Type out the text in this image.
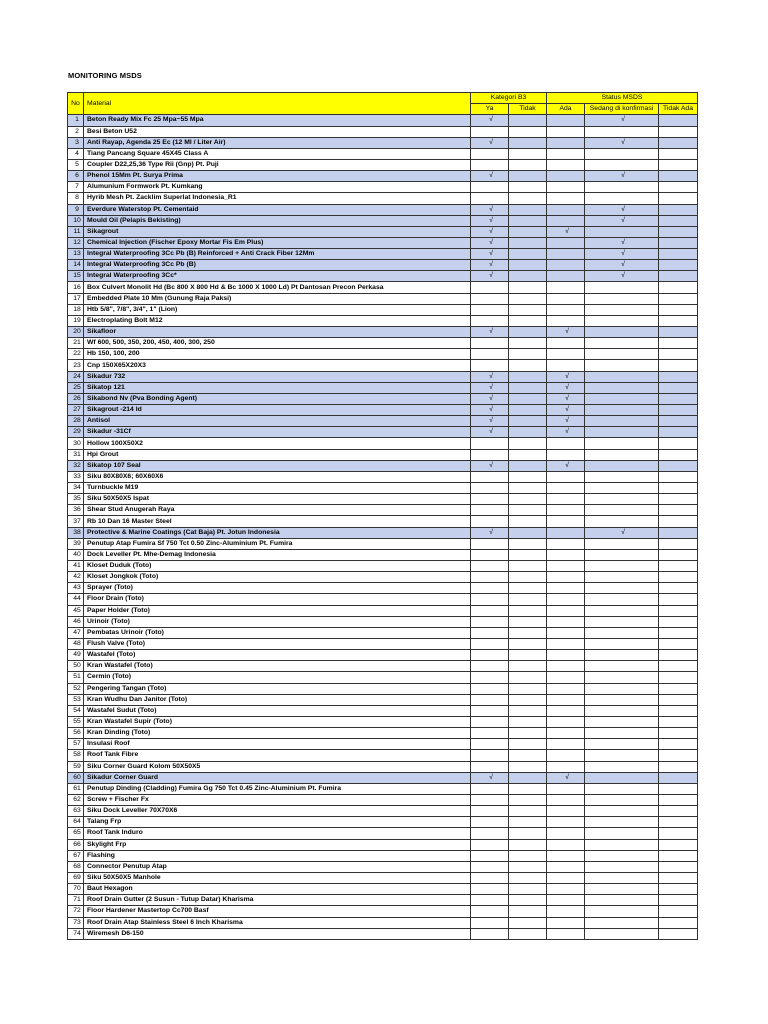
MONITORING MSDS
No	Material	Kategori B3		Status MSDS		
		Ya	Tidak	Ada	Sedang di konfirmasi	Tidak Ada
1	Beton Ready Mix Fc 25 Mpa~55 Mpa	√			√	
2	Besi Beton U52					
3	Anti Rayap, Agenda 25 Ec (12 Ml / Liter Air)	√			√	
4	Tiang Pancang Square 45X45 Class A					
5	Coupler D22,25,36 Type Rii (Gnp) Pt. Puji					
6	Phenol 15Mm Pt. Surya Prima	√			√	
7	Alumunium Formwork Pt. Kumkang					
8	Hyrib Mesh Pt. Zacklim Superlat Indonesia_R1					
9	Everdure Waterstop Pt. Cementaid	√			√	
10	Mould Oil (Pelapis Bekisting)	√			√	
11	Sikagrout	√		√		
12	Chemical Injection (Fischer Epoxy Mortar Fis Em Plus)	√			√	
13	Integral Waterproofing 3Cc Pb (B) Reinforced + Anti Crack Fiber 12Mm	√			√	
14	Integral Waterproofing 3Cc Pb (B)	√			√	
15	Integral Waterproofing 3Cc*	√			√	
16	Box Culvert Monolit Hd (Bc 800 X 800 Hd & Bc 1000 X 1000 Ld) Pt Dantosan Precon Perkasa					
17	Embedded Plate 10 Mm (Gunung Raja Paksi)					
18	Htb 5/8", 7/8", 3/4", 1" (Lion)					
19	Electroplating Bolt M12					
20	Sikafloor	√		√		
21	Wf 600, 500, 350, 200, 450, 400, 300, 250					
22	Hb 150, 100, 200					
23	Cnp 150X65X20X3					
24	Sikadur 732	√		√		
25	Sikatop 121	√		√		
26	Sikabond Nv (Pva Bonding Agent)	√		√		
27	Sikagrout -214 Id	√		√		
28	Antisol	√		√		
29	Sikadur -31Cf	√		√		
30	Hollow 100X50X2					
31	Hpi Grout					
32	Sikatop 107 Seal	√		√		
33	Siku 80X80X6; 60X60X6					
34	Turnbuckle M19					
35	Siku 50X50X5 Ispat					
36	Shear Stud Anugerah Raya					
37	Rb 10 Dan 16 Master Steel					
38	Protective & Marine Coatings (Cat Baja) Pt. Jotun Indonesia	√			√	
39	Penutup Atap Fumira Sf 750 Tct 0.50 Zinc-Aluminium Pt. Fumira					
40	Dock Leveller Pt. Mhe-Demag Indonesia					
41	Kloset Duduk (Toto)					
42	Kloset Jongkok (Toto)					
43	Sprayer (Toto)					
44	Floor Drain (Toto)					
45	Paper Holder (Toto)					
46	Urinoir (Toto)					
47	Pembatas Urinoir (Toto)					
48	Flush Valve (Toto)					
49	Wastafel (Toto)					
50	Kran Wastafel (Toto)					
51	Cermin (Toto)					
52	Pengering Tangan (Toto)					
53	Kran Wudhu Dan Janitor (Toto)					
54	Wastafel Sudut (Toto)					
55	Kran Wastafel Supir (Toto)					
56	Kran Dinding (Toto)					
57	Insulasi Roof					
58	Roof Tank Fibre					
59	Siku Corner Guard Kolom 50X50X5					
60	Sikadur Corner Guard	√		√		
61	Penutup Dinding (Cladding) Fumira Gg 750 Tct 0.45 Zinc-Aluminium Pt. Fumira					
62	Screw + Fischer Fx					
63	Siku Dock Leveller 70X70X6					
64	Talang Frp					
65	Roof Tank Induro					
66	Skylight Frp					
67	Flashing					
68	Connector Penutup Atap					
69	Siku 50X50X5 Manhole					
70	Baut Hexagon					
71	Roof Drain Gutter (2 Susun - Tutup Datar) Kharisma					
72	Floor Hardener Mastertop Cc700 Basf					
73	Roof Drain Atap Stainless Steel 6 Inch Kharisma					
74	Wiremesh D6-150					
